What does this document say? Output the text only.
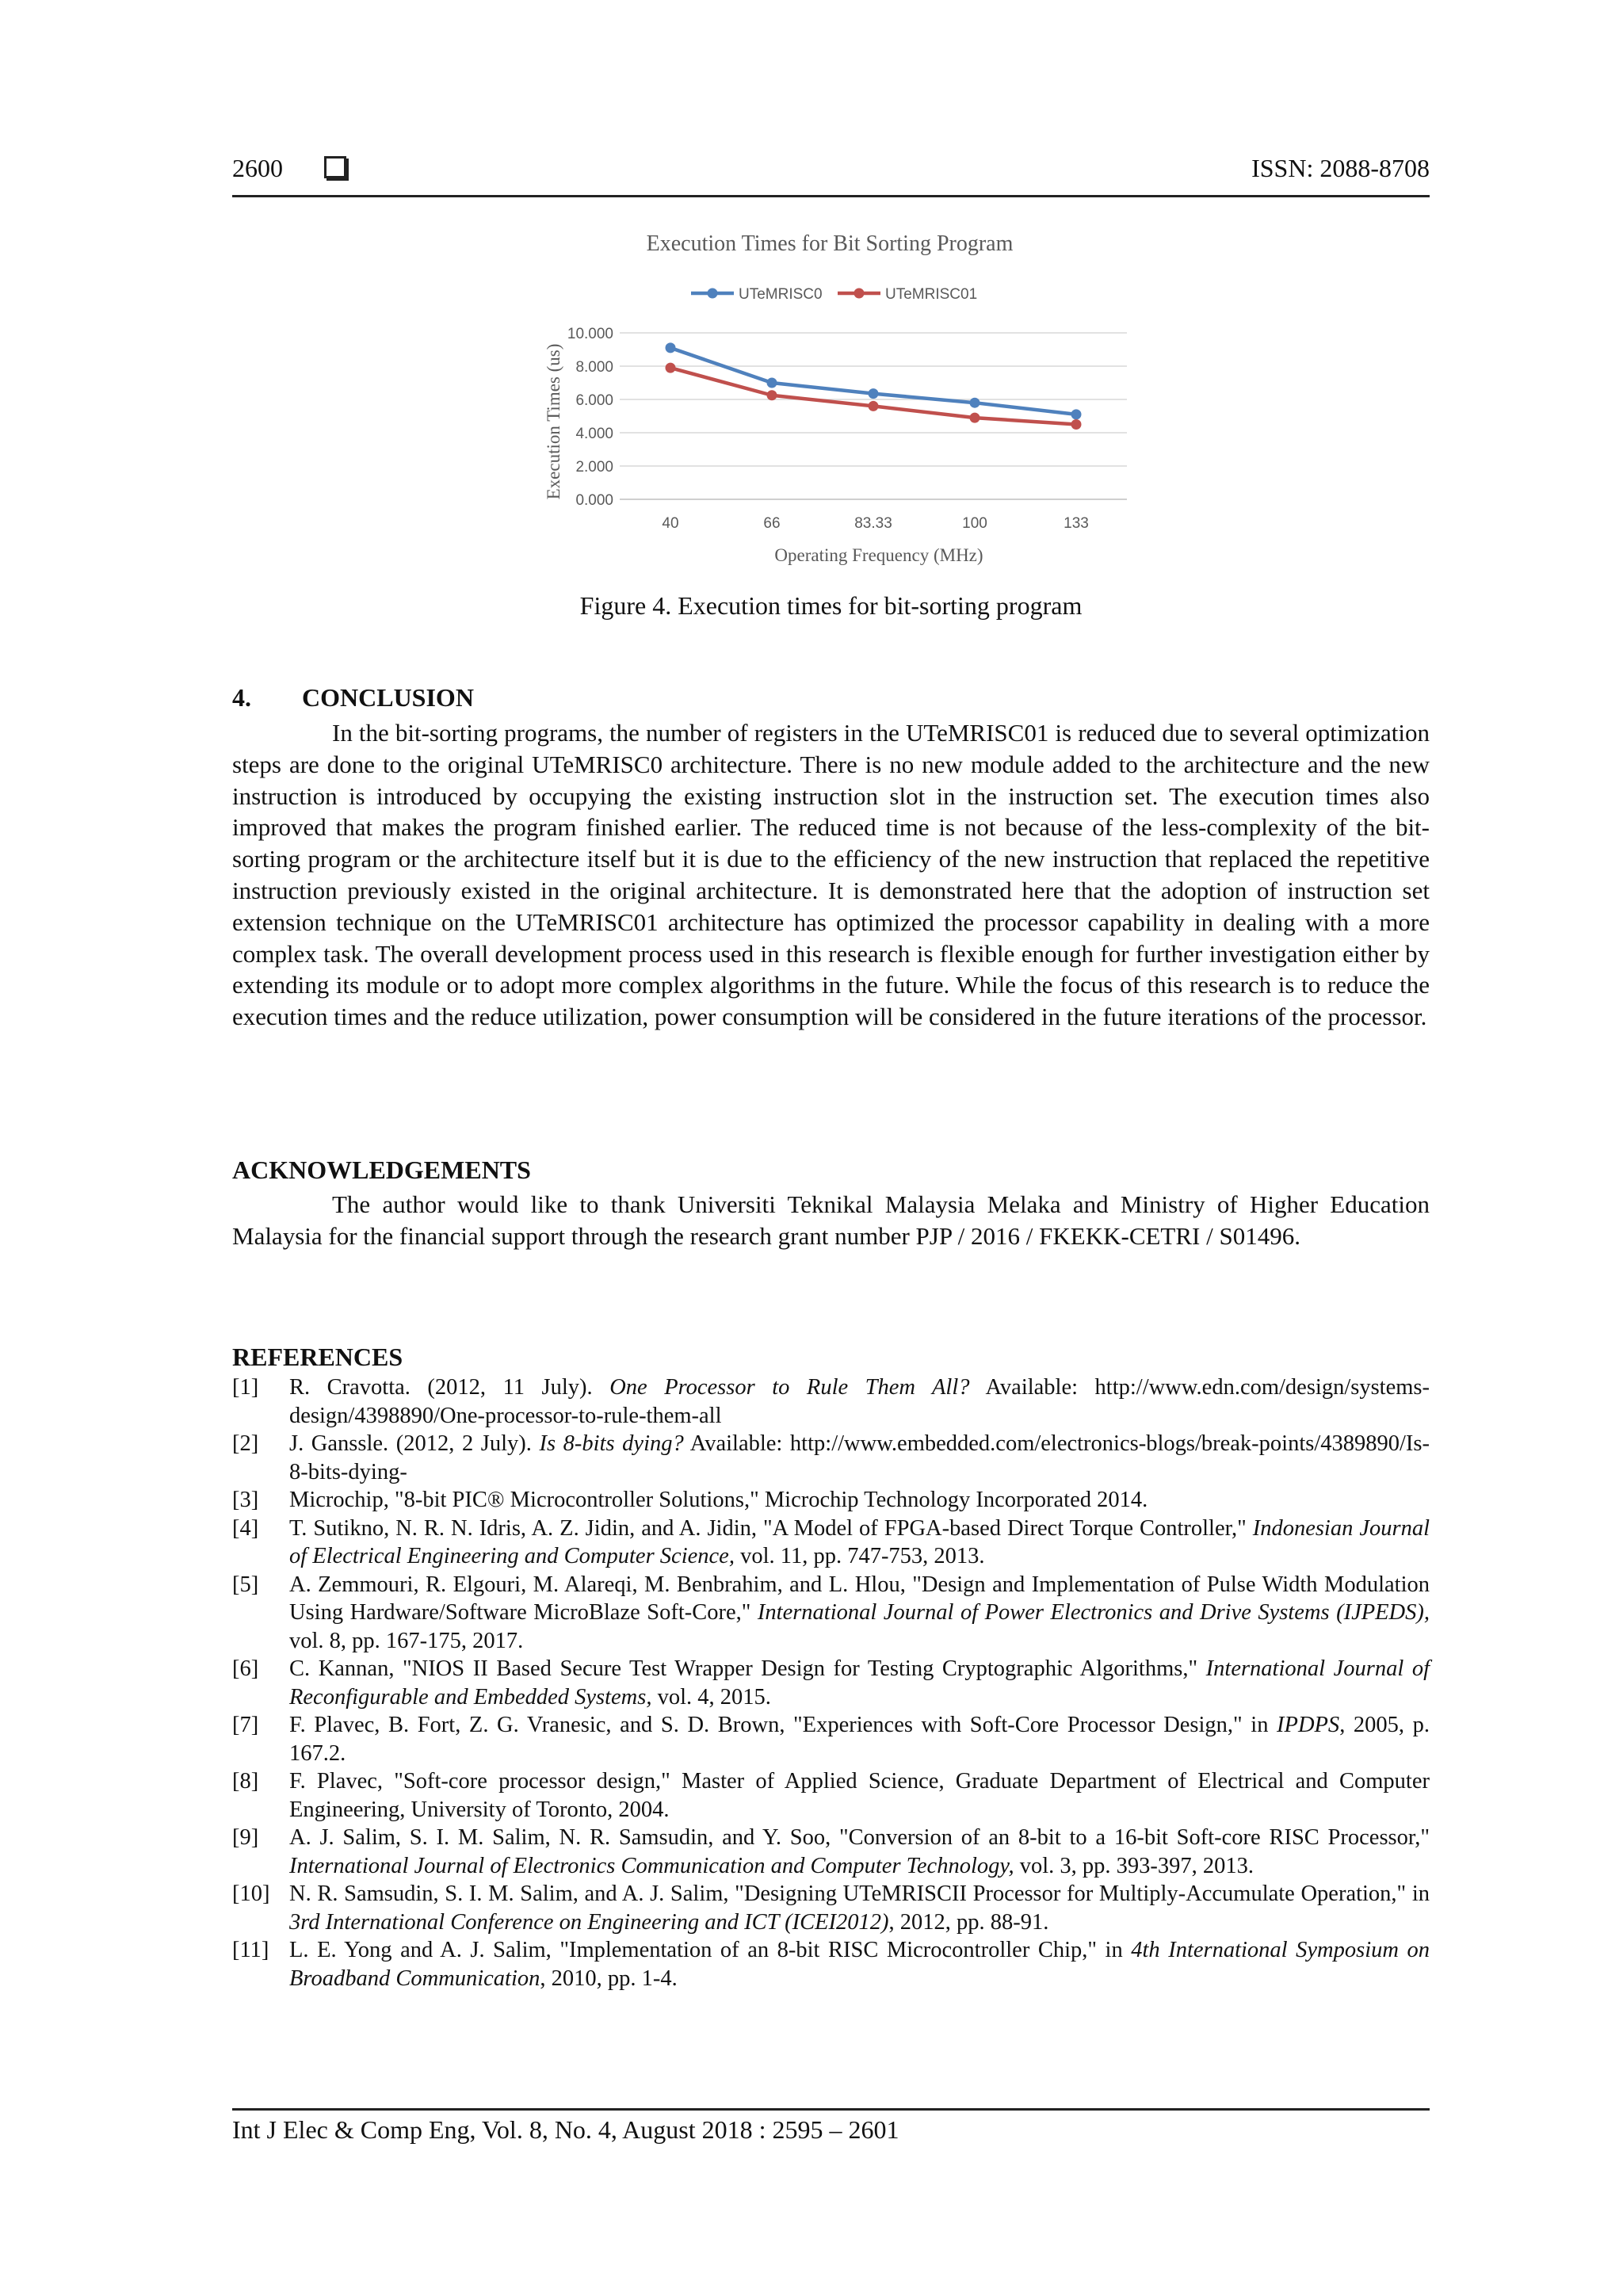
2600	ISSN: 2088-8708
0.000
2.000
4.000
6.000
8.000
10.000
40	66	83.33	100	133
UTeMRISC0	UTeMRISC01
Execution Times for Bit Sorting Program
Operating Frequency (MHz)
Execution Times (us)
Figure 4. Execution times for bit-sorting program
4.  CONCLUSION

In the bit-sorting programs, the number of registers in the UTeMRISC01 is reduced due to several optimization steps are done to the original UTeMRISC0 architecture. There is no new module added to the architecture and the new instruction is introduced by occupying the existing instruction slot in the instruction set. The execution times also improved that makes the program finished earlier. The reduced time is not because of the less-complexity of the bit-sorting program or the architecture itself but it is due to the efficiency of the new instruction that replaced the repetitive instruction previously existed in the original architecture. It is demonstrated here that the adoption of instruction set extension technique on the UTeMRISC01 architecture has optimized the processor capability in dealing with a more complex task. The overall development process used in this research is flexible enough for further investigation either by extending its module or to adopt more complex algorithms in the future. While the focus of this research is to reduce the execution times and the reduce utilization, power consumption will be considered in the future iterations of the processor.

ACKNOWLEDGEMENTS

The author would like to thank Universiti Teknikal Malaysia Melaka and Ministry of Higher Education Malaysia for the financial support through the research grant number PJP / 2016 / FKEKK-CETRI / S01496.

REFERENCES
[1] R. Cravotta. (2012, 11 July). One Processor to Rule Them All? Available: http://www.edn.com/design/systems-design/4398890/One-processor-to-rule-them-all
[2] J. Ganssle. (2012, 2 July). Is 8-bits dying? Available: http://www.embedded.com/electronics-blogs/break-points/4389890/Is-8-bits-dying-
[3] Microchip, "8-bit PIC® Microcontroller Solutions," Microchip Technology Incorporated 2014.
[4] T. Sutikno, N. R. N. Idris, A. Z. Jidin, and A. Jidin, "A Model of FPGA-based Direct Torque Controller," Indonesian Journal of Electrical Engineering and Computer Science, vol. 11, pp. 747-753, 2013.
[5] A. Zemmouri, R. Elgouri, M. Alareqi, M. Benbrahim, and L. Hlou, "Design and Implementation of Pulse Width Modulation Using Hardware/Software MicroBlaze Soft-Core," International Journal of Power Electronics and Drive Systems (IJPEDS), vol. 8, pp. 167-175, 2017.
[6] C. Kannan, "NIOS II Based Secure Test Wrapper Design for Testing Cryptographic Algorithms," International Journal of Reconfigurable and Embedded Systems, vol. 4, 2015.
[7] F. Plavec, B. Fort, Z. G. Vranesic, and S. D. Brown, "Experiences with Soft-Core Processor Design," in IPDPS, 2005, p. 167.2.
[8] F. Plavec, "Soft-core processor design," Master of Applied Science, Graduate Department of Electrical and Computer Engineering, University of Toronto, 2004.
[9] A. J. Salim, S. I. M. Salim, N. R. Samsudin, and Y. Soo, "Conversion of an 8-bit to a 16-bit Soft-core RISC Processor," International Journal of Electronics Communication and Computer Technology, vol. 3, pp. 393-397, 2013.
[10] N. R. Samsudin, S. I. M. Salim, and A. J. Salim, "Designing UTeMRISCII Processor for Multiply-Accumulate Operation," in 3rd International Conference on Engineering and ICT (ICEI2012), 2012, pp. 88-91.
[11] L. E. Yong and A. J. Salim, "Implementation of an 8-bit RISC Microcontroller Chip," in 4th International Symposium on Broadband Communication, 2010, pp. 1-4.
Int J Elec & Comp Eng, Vol. 8, No. 4, August 2018 : 2595 – 2601
